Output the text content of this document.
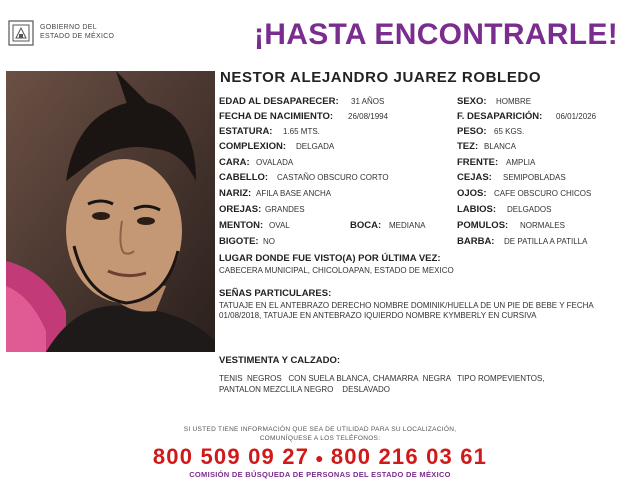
GOBIERNO DEL
ESTADO DE MÉXICO	¡HASTA ENCONTRARLE!
NESTOR ALEJANDRO JUAREZ ROBLEDO
EDAD AL DESAPARECER: 31 AÑOS
FECHA DE NACIMIENTO: 26/08/1994
ESTATURA: 1.65 MTS.
COMPLEXION: DELGADA
CARA: OVALADA
CABELLO: CASTAÑO OBSCURO CORTO
NARIZ: AFILA BASE ANCHA
OREJAS: GRANDES
MENTON: OVAL	BOCA: MEDIANA
BIGOTE: NO
SEXO: HOMBRE
F. DESAPARICIÓN: 06/01/2026
PESO: 65 KGS.
TEZ: BLANCA
FRENTE: AMPLIA
CEJAS: SEMIPOBLADAS
OJOS: CAFE OBSCURO CHICOS
LABIOS: DELGADOS
POMULOS: NORMALES
BARBA: DE PATILLA A PATILLA
LUGAR DONDE FUE VISTO(A) POR ÚLTIMA VEZ:
CABECERA MUNICIPAL, CHICOLOAPAN, ESTADO DE MEXICO
SEÑAS PARTICULARES:
TATUAJE EN EL ANTEBRAZO DERECHO NOMBRE DOMINIK/HUELLA DE UN PIE DE BEBE Y FECHA 01/08/2018, TATUAJE EN ANTEBRAZO IQUIERDO NOMBRE KYMBERLY EN CURSIVA
VESTIMENTA Y CALZADO:
TENIS  NEGROS   CON SUELA BLANCA, CHAMARRA  NEGRA   TIPO ROMPEVIENTOS,
PANTALON MEZCLILA NEGRO    DESLAVADO
SI USTED TIENE INFORMACIÓN QUE SEA DE UTILIDAD PARA SU LOCALIZACIÓN,
COMUNÍQUESE A LOS TELÉFONOS:
800 509 09 27 ● 800 216 03 61
COMISIÓN DE BÚSQUEDA DE PERSONAS DEL ESTADO DE MÉXICO
